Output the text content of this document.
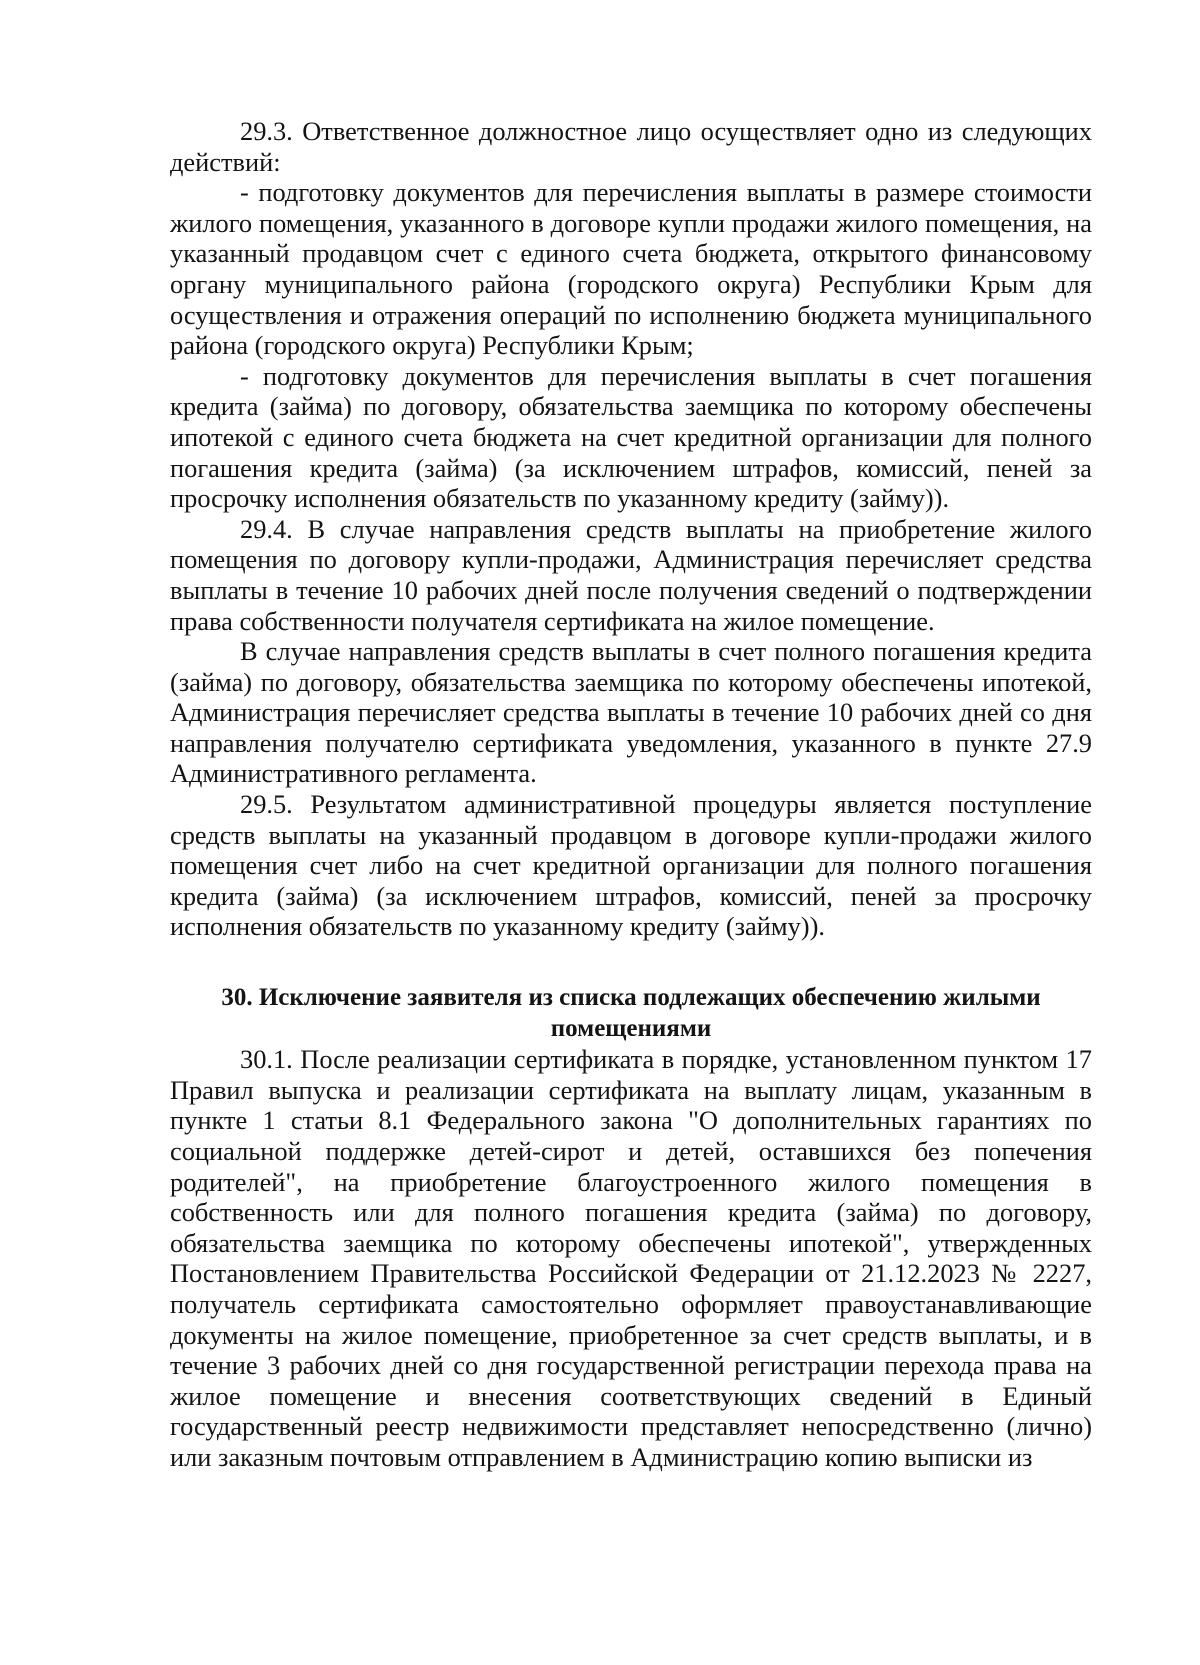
29.3. Ответственное должностное лицо осуществляет одно из следующих действий:

- подготовку документов для перечисления выплаты в размере стоимости жилого помещения, указанного в договоре купли продажи жилого помещения, на указанный продавцом счет с единого счета бюджета, открытого финансовому органу муниципального района (городского округа) Республики Крым для осуществления и отражения операций по исполнению бюджета муниципального района (городского округа) Республики Крым;

- подготовку документов для перечисления выплаты в счет погашения кредита (займа) по договору, обязательства заемщика по которому обеспечены ипотекой с единого счета бюджета на счет кредитной организации для полного погашения кредита (займа) (за исключением штрафов, комиссий, пеней за просрочку исполнения обязательств по указанному кредиту (займу)).

29.4. В случае направления средств выплаты на приобретение жилого помещения по договору купли-продажи, Администрация перечисляет средства выплаты в течение 10 рабочих дней после получения сведений о подтверждении права собственности получателя сертификата на жилое помещение.

В случае направления средств выплаты в счет полного погашения кредита (займа) по договору, обязательства заемщика по которому обеспечены ипотекой, Администрация перечисляет средства выплаты в течение 10 рабочих дней со дня направления получателю сертификата уведомления, указанного в пункте 27.9 Административного регламента.

29.5. Результатом административной процедуры является поступление средств выплаты на указанный продавцом в договоре купли-продажи жилого помещения счет либо на счет кредитной организации для полного погашения кредита (займа) (за исключением штрафов, комиссий, пеней за просрочку исполнения обязательств по указанному кредиту (займу)).

30. Исключение заявителя из списка подлежащих обеспечению жилыми помещениями

30.1. После реализации сертификата в порядке, установленном пунктом 17 Правил выпуска и реализации сертификата на выплату лицам, указанным в пункте 1 статьи 8.1 Федерального закона "О дополнительных гарантиях по социальной поддержке детей-сирот и детей, оставшихся без попечения родителей", на приобретение благоустроенного жилого помещения в собственность или для полного погашения кредита (займа) по договору, обязательства заемщика по которому обеспечены ипотекой", утвержденных Постановлением Правительства Российской Федерации от 21.12.2023 № 2227, получатель сертификата самостоятельно оформляет правоустанавливающие документы на жилое помещение, приобретенное за счет средств выплаты, и в течение 3 рабочих дней со дня государственной регистрации перехода права на жилое помещение и внесения соответствующих сведений в Единый государственный реестр недвижимости представляет непосредственно (лично) или заказным почтовым отправлением в Администрацию копию выписки из
